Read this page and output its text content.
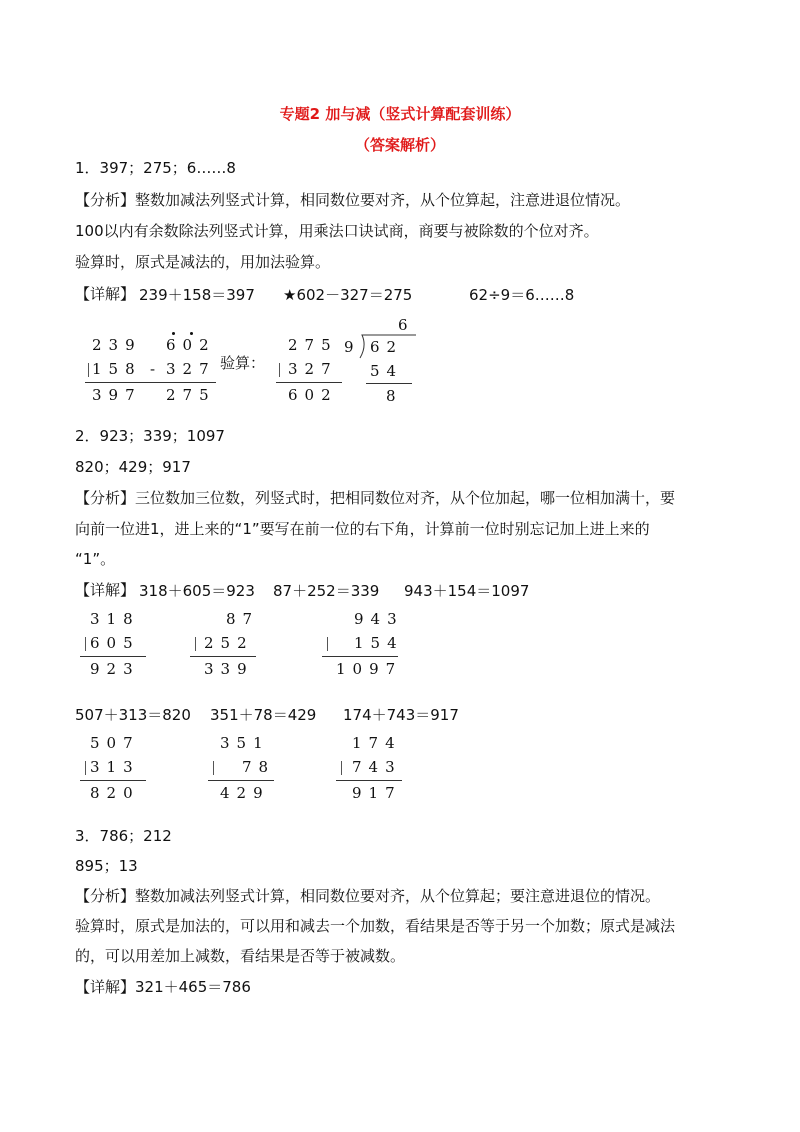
专题2 加与减（竖式计算配套训练）
（答案解析）
1．397；275；6……8
【分析】整数加减法列竖式计算，相同数位要对齐，从个位算起，注意进退位情况。
100以内有余数除法列竖式计算，用乘法口诀试商，商要与被除数的个位对齐。
验算时，原式是减法的，用加法验算。
【详解】 239＋158＝397 ★602－327＝275	62÷9＝6……8
239
158
397
602
- 327
275
验算：
275
327
602
6
9 62
54
8
2．923；339；1097
820；429；917
【分析】三位数加三位数，列竖式时，把相同数位对齐，从个位加起，哪一位相加满十，要
向前一位进1，进上来的“1”要写在前一位的右下角，计算前一位时别忘记加上进上来的
“1”。
【详解】 318＋605＝923 87＋252＝339 943＋154＝1097
318
605
923
87
252
339
943
154
1097
507＋313＝820 351＋78＝429 174＋743＝917
507
313
820
351
78
429
174
743
917
3．786；212
895；13
【分析】整数加减法列竖式计算，相同数位要对齐，从个位算起；要注意进退位的情况。
验算时，原式是加法的，可以用和减去一个加数，看结果是否等于另一个加数；原式是减法
的，可以用差加上减数，看结果是否等于被减数。
【详解】321＋465＝786
